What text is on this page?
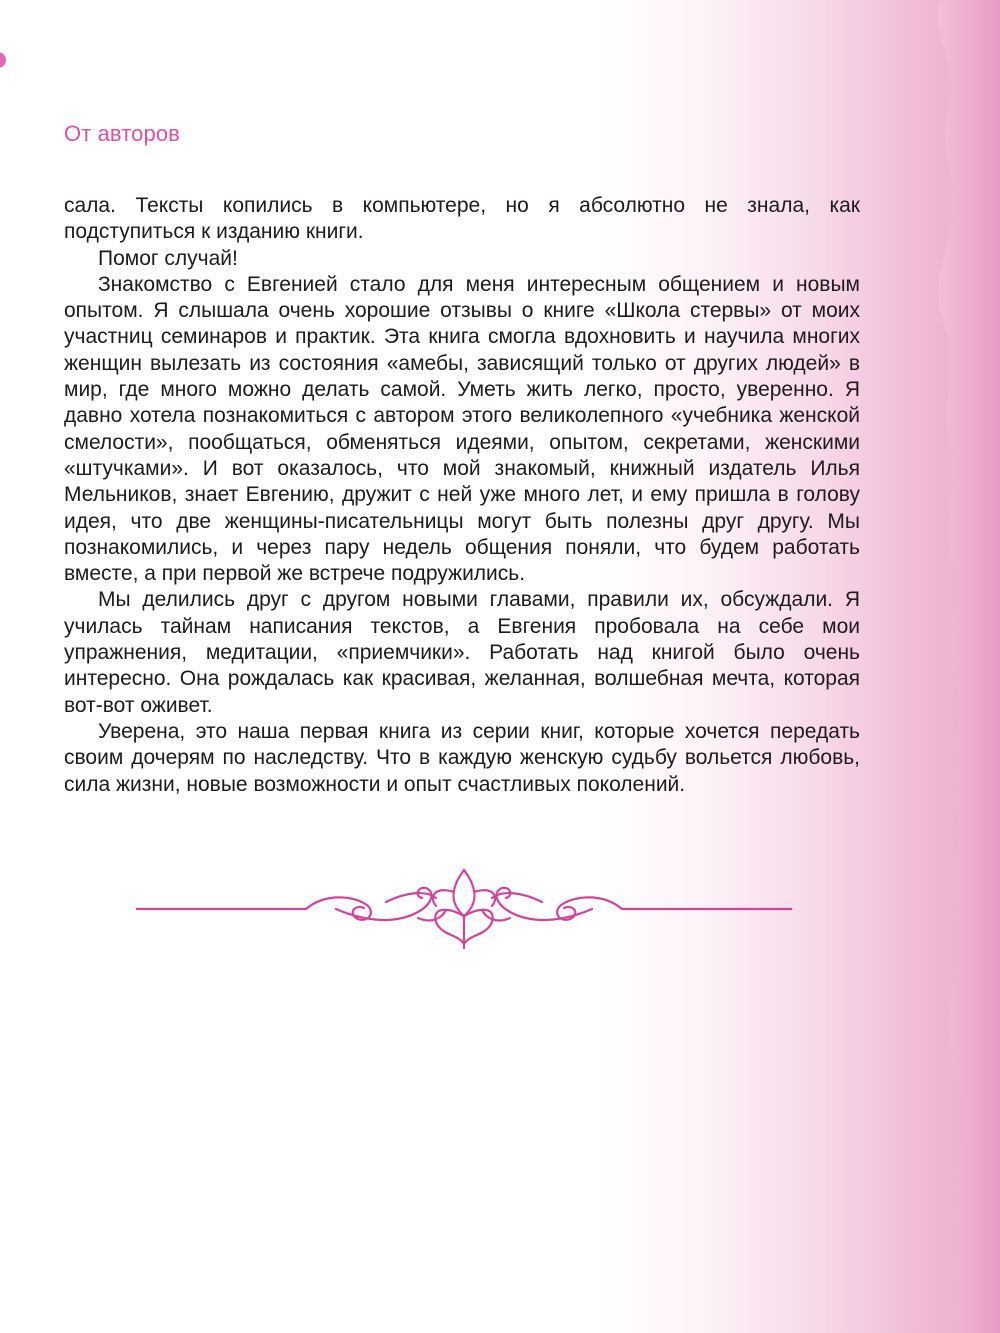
От авторов

сала. Тексты копились в компьютере, но я абсолютно не знала, как подступиться к изданию книги.

Помог случай!

Знакомство с Евгенией стало для меня интересным общением и новым опытом. Я слышала очень хорошие отзывы о книге «Школа стервы» от моих участниц семинаров и практик. Эта книга смогла вдохновить и научила многих женщин вылезать из состояния «амебы, зависящий только от других людей» в мир, где много можно делать самой. Уметь жить легко, просто, уверенно. Я давно хотела познакомиться с автором этого великолепного «учебника женской смелости», пообщаться, обменяться идеями, опытом, секретами, женскими «штучками». И вот оказалось, что мой знакомый, книжный издатель Илья Мельников, знает Евгению, дружит с ней уже много лет, и ему пришла в голову идея, что две женщины-писательницы могут быть полезны друг другу. Мы познакомились, и через пару недель общения поняли, что будем работать вместе, а при первой же встрече подружились.

Мы делились друг с другом новыми главами, правили их, обсуждали. Я училась тайнам написания текстов, а Евгения пробовала на себе мои упражнения, медитации, «приемчики». Работать над книгой было очень интересно. Она рождалась как красивая, желанная, волшебная мечта, которая вот-вот оживет.

Уверена, это наша первая книга из серии книг, которые хочется передать своим дочерям по наследству. Что в каждую женскую судьбу вольется любовь, сила жизни, новые возможности и опыт счастливых поколений.
